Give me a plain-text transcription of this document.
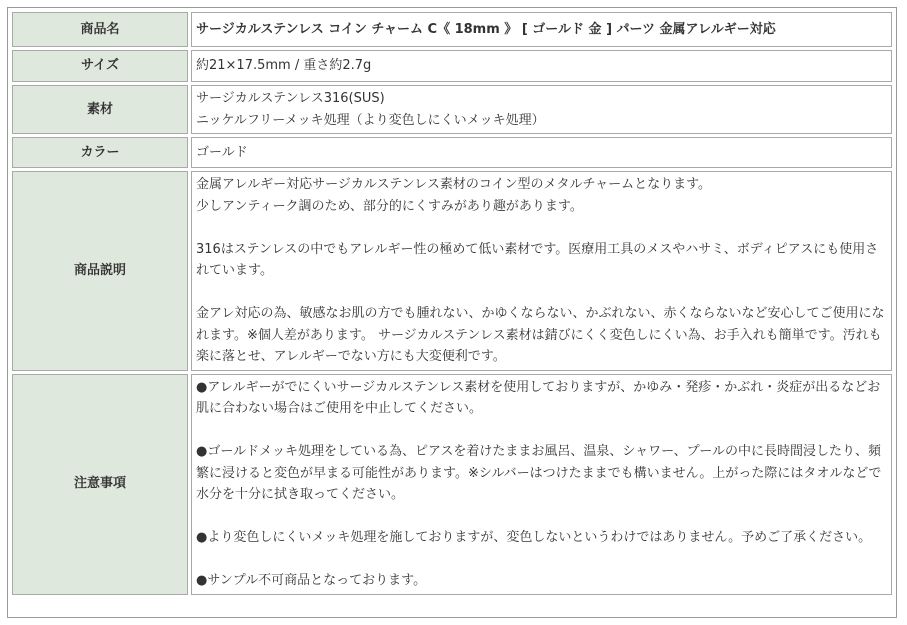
商品名	サージカルステンレス コイン チャーム C《 18mm 》 [ ゴールド 金 ] パーツ 金属アレルギー対応
サイズ	約21×17.5mm / 重さ約2.7g
素材	サージカルステンレス316(SUS)
ニッケルフリーメッキ処理（より変色しにくいメッキ処理）

カラー	ゴールド
商品説明	金属アレルギー対応サージカルステンレス素材のコイン型のメタルチャームとなります。
少しアンティーク調のため、部分的にくすみがあり趣があります。
316はステンレスの中でもアレルギー性の極めて低い素材です。医療用工具のメスやハサミ、ボディピアスにも使用されています。
金アレ対応の為、敏感なお肌の方でも腫れない、かゆくならない、かぶれない、赤くならないなど安心してご使用になれます。※個人差があります。 サージカルステンレス素材は錆びにくく変色しにくい為、お手入れも簡単です。汚れも楽に落とせ、アレルギーでない方にも大変便利です。

注意事項	●アレルギーがでにくいサージカルステンレス素材を使用しておりますが、かゆみ・発疹・かぶれ・炎症が出るなどお肌に合わない場合はご使用を中止してください。
●ゴールドメッキ処理をしている為、ピアスを着けたままお風呂、温泉、シャワー、プールの中に長時間浸したり、頻繁に浸けると変色が早まる可能性があります。※シルバーはつけたままでも構いません。上がった際にはタオルなどで水分を十分に拭き取ってください。
●より変色しにくいメッキ処理を施しておりますが、変色しないというわけではありません。予めご了承ください。
●サンプル不可商品となっております。
